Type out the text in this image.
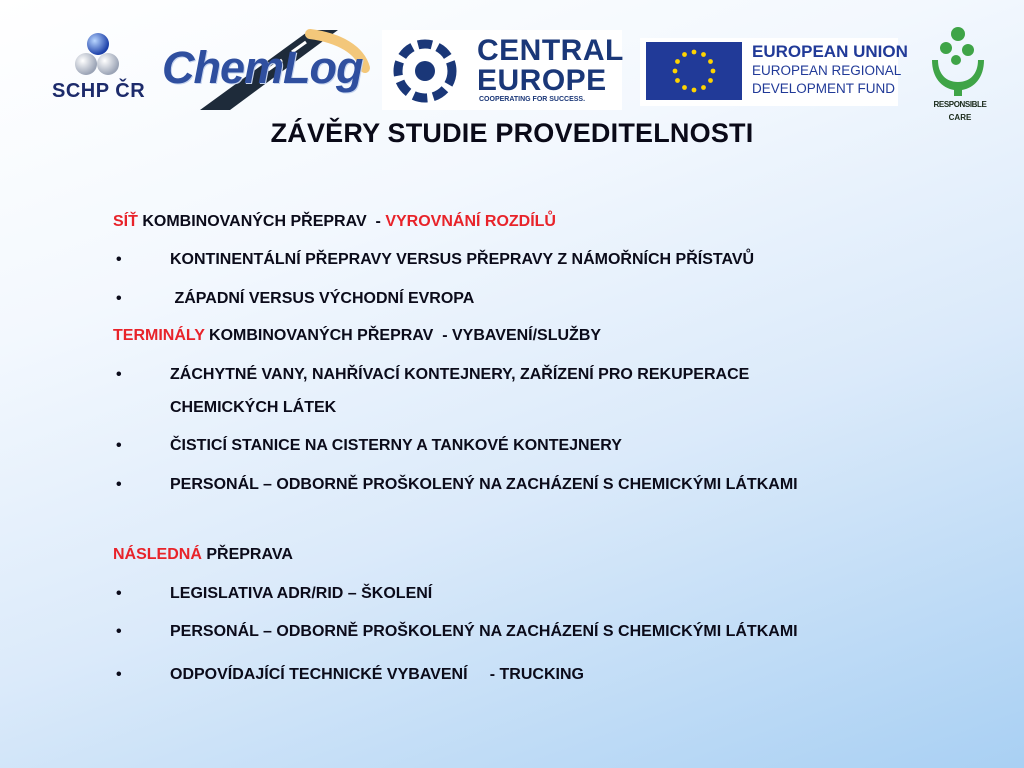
SCHP ČR ChemLog	CENTRAL
EUROPE
COOPERATING FOR SUCCESS.
EUROPEAN UNION
EUROPEAN REGIONAL
DEVELOPMENT FUND
RESPONSIBLE
CARE
ZÁVĚRY STUDIE PROVEDITELNOSTI
SÍŤ KOMBINOVANÝCH PŘEPRAV  - VYROVNÁNÍ ROZDÍLŮ
•	KONTINENTÁLNÍ PŘEPRAVY VERSUS PŘEPRAVY Z NÁMOŘNÍCH PŘÍSTAVŮ
•	ZÁPADNÍ VERSUS VÝCHODNÍ EVROPA
TERMINÁLY KOMBINOVANÝCH PŘEPRAV  - VYBAVENÍ/SLUŽBY
•	ZÁCHYTNÉ VANY, NAHŘÍVACÍ KONTEJNERY, ZAŘÍZENÍ PRO REKUPERACE
CHEMICKÝCH LÁTEK
•	ČISTICÍ STANICE NA CISTERNY A TANKOVÉ KONTEJNERY
•	PERSONÁL – ODBORNĚ PROŠKOLENÝ NA ZACHÁZENÍ S CHEMICKÝMI LÁTKAMI
NÁSLEDNÁ PŘEPRAVA
•	LEGISLATIVA ADR/RID – ŠKOLENÍ
•	PERSONÁL – ODBORNĚ PROŠKOLENÝ NA ZACHÁZENÍ S CHEMICKÝMI LÁTKAMI
•	ODPOVÍDAJÍCÍ TECHNICKÉ VYBAVENÍ     - TRUCKING
